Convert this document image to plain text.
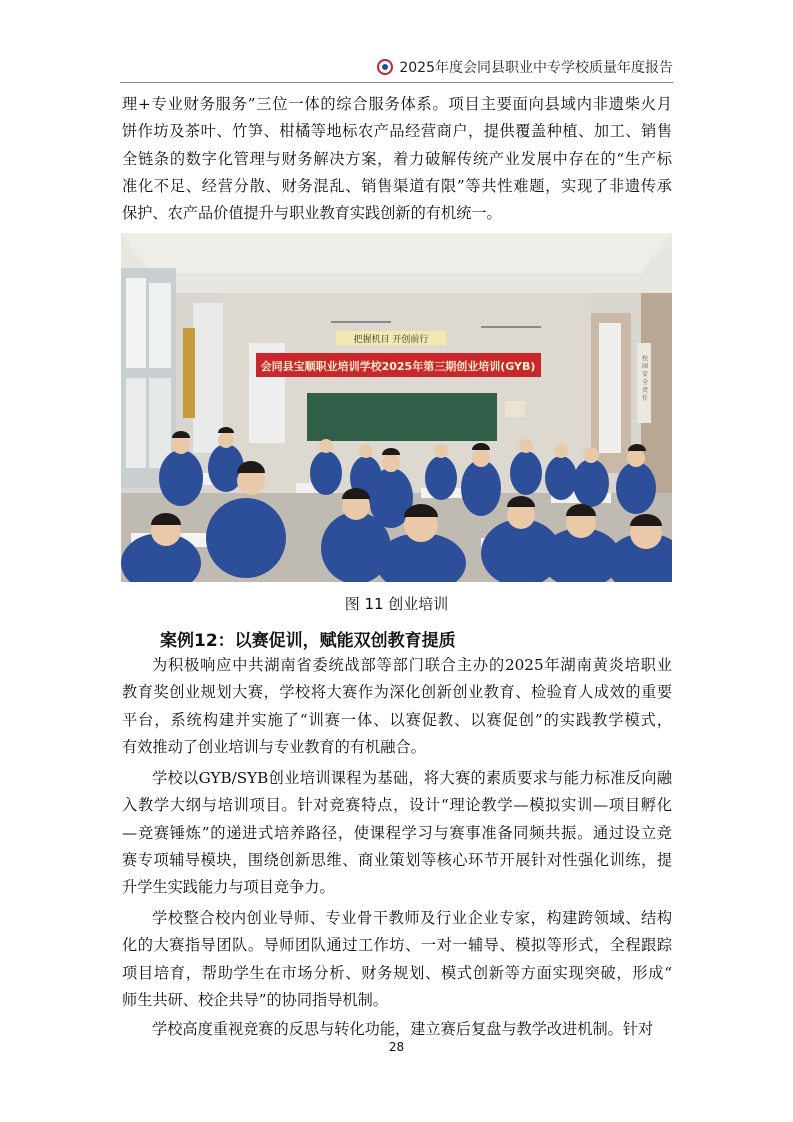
2025年度会同县职业中专学校质量年度报告
理+专业财务服务”三位一体的综合服务体系。项目主要面向县域内非遗柴火月
饼作坊及茶叶、竹笋、柑橘等地标农产品经营商户，提供覆盖种植、加工、销售
全链条的数字化管理与财务解决方案，着力破解传统产业发展中存在的“生产标
准化不足、经营分散、财务混乱、销售渠道有限”等共性难题，实现了非遗传承
保护、农产品价值提升与职业教育实践创新的有机统一。
把握机目 开创前行
会同县宝顺职业培训学校2025年第三期创业培训(GYB)	校 园 安 全 责 任
图 11 创业培训
案例12：以赛促训，赋能双创教育提质
为积极响应中共湖南省委统战部等部门联合主办的2025年湖南黄炎培职业
教育奖创业规划大赛，学校将大赛作为深化创新创业教育、检验育人成效的重要
平台，系统构建并实施了“训赛一体、以赛促教、以赛促创”的实践教学模式，
有效推动了创业培训与专业教育的有机融合。
学校以GYB/SYB创业培训课程为基础，将大赛的素质要求与能力标准反向融
入教学大纲与培训项目。针对竞赛特点，设计“理论教学—模拟实训—项目孵化
—竞赛锤炼”的递进式培养路径，使课程学习与赛事准备同频共振。通过设立竞
赛专项辅导模块，围绕创新思维、商业策划等核心环节开展针对性强化训练，提
升学生实践能力与项目竞争力。
学校整合校内创业导师、专业骨干教师及行业企业专家，构建跨领域、结构
化的大赛指导团队。导师团队通过工作坊、一对一辅导、模拟等形式，全程跟踪
项目培育，帮助学生在市场分析、财务规划、模式创新等方面实现突破，形成“
师生共研、校企共导”的协同指导机制。
学校高度重视竞赛的反思与转化功能，建立赛后复盘与教学改进机制。针对
28
